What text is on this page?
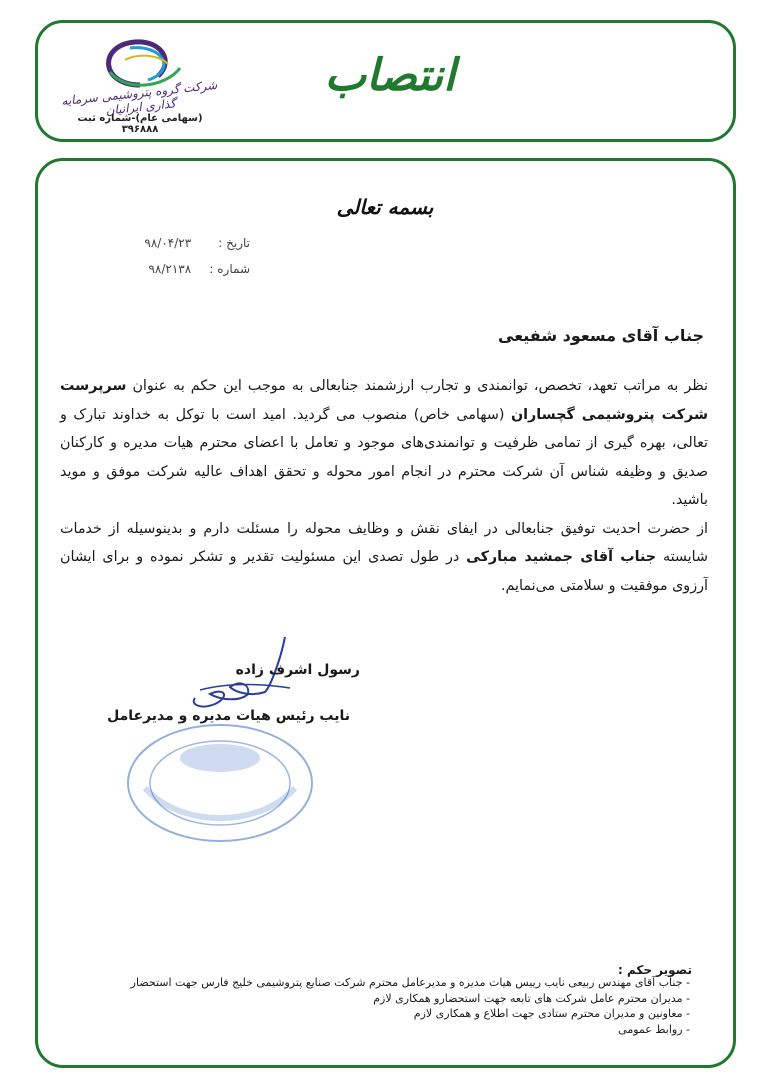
شرکت گروه پتروشیمی سرمایه گذاری ایرانیان
(سهامی عام)-شماره ثبت ۳۹۶۸۸۸
انتصاب
بسمه تعالی
تاریخ : ۹۸/۰۴/۲۳
شماره : ۹۸/۲۱۳۸
جناب آقای مسعود شفیعی

نظر به مراتب تعهد، تخصص، توانمندی و تجارب ارزشمند جنابعالی به موجب این حکم به عنوان سرپرست شرکت پتروشیمی گچساران (سهامی خاص) منصوب می گردید. امید است با توکل به خداوند تبارک و تعالی، بهره گیری از تمامی ظرفیت و توانمندی‌های موجود و تعامل با اعضای محترم هیات مدیره و کارکنان صدیق و وظیفه شناس آن شرکت محترم در انجام امور محوله و تحقق اهداف عالیه شرکت موفق و موید باشید.

از حضرت احدیت توفیق جنابعالی در ایفای نقش و وظایف محوله را مسئلت دارم و بدینوسیله از خدمات شایسته جناب آقای جمشید مبارکی در طول تصدی این مسئولیت تقدیر و تشکر نموده و برای ایشان آرزوی موفقیت و سلامتی می‌نمایم.

رسول اشرف زاده
نایب رئیس هیات مدیره و مدیرعامل
تصویر حکم :
- جناب آقای مهندس ربیعی نایب رییس هیات مدیره و مدیرعامل محترم شرکت صنایع پتروشیمی خلیج فارس جهت استحضار
- مدیران محترم عامل شرکت های تابعه جهت استحضارو همکاری لازم
- معاونین و مدیران محترم ستادی جهت اطلاع و همکاری لازم
- روابط عمومی
